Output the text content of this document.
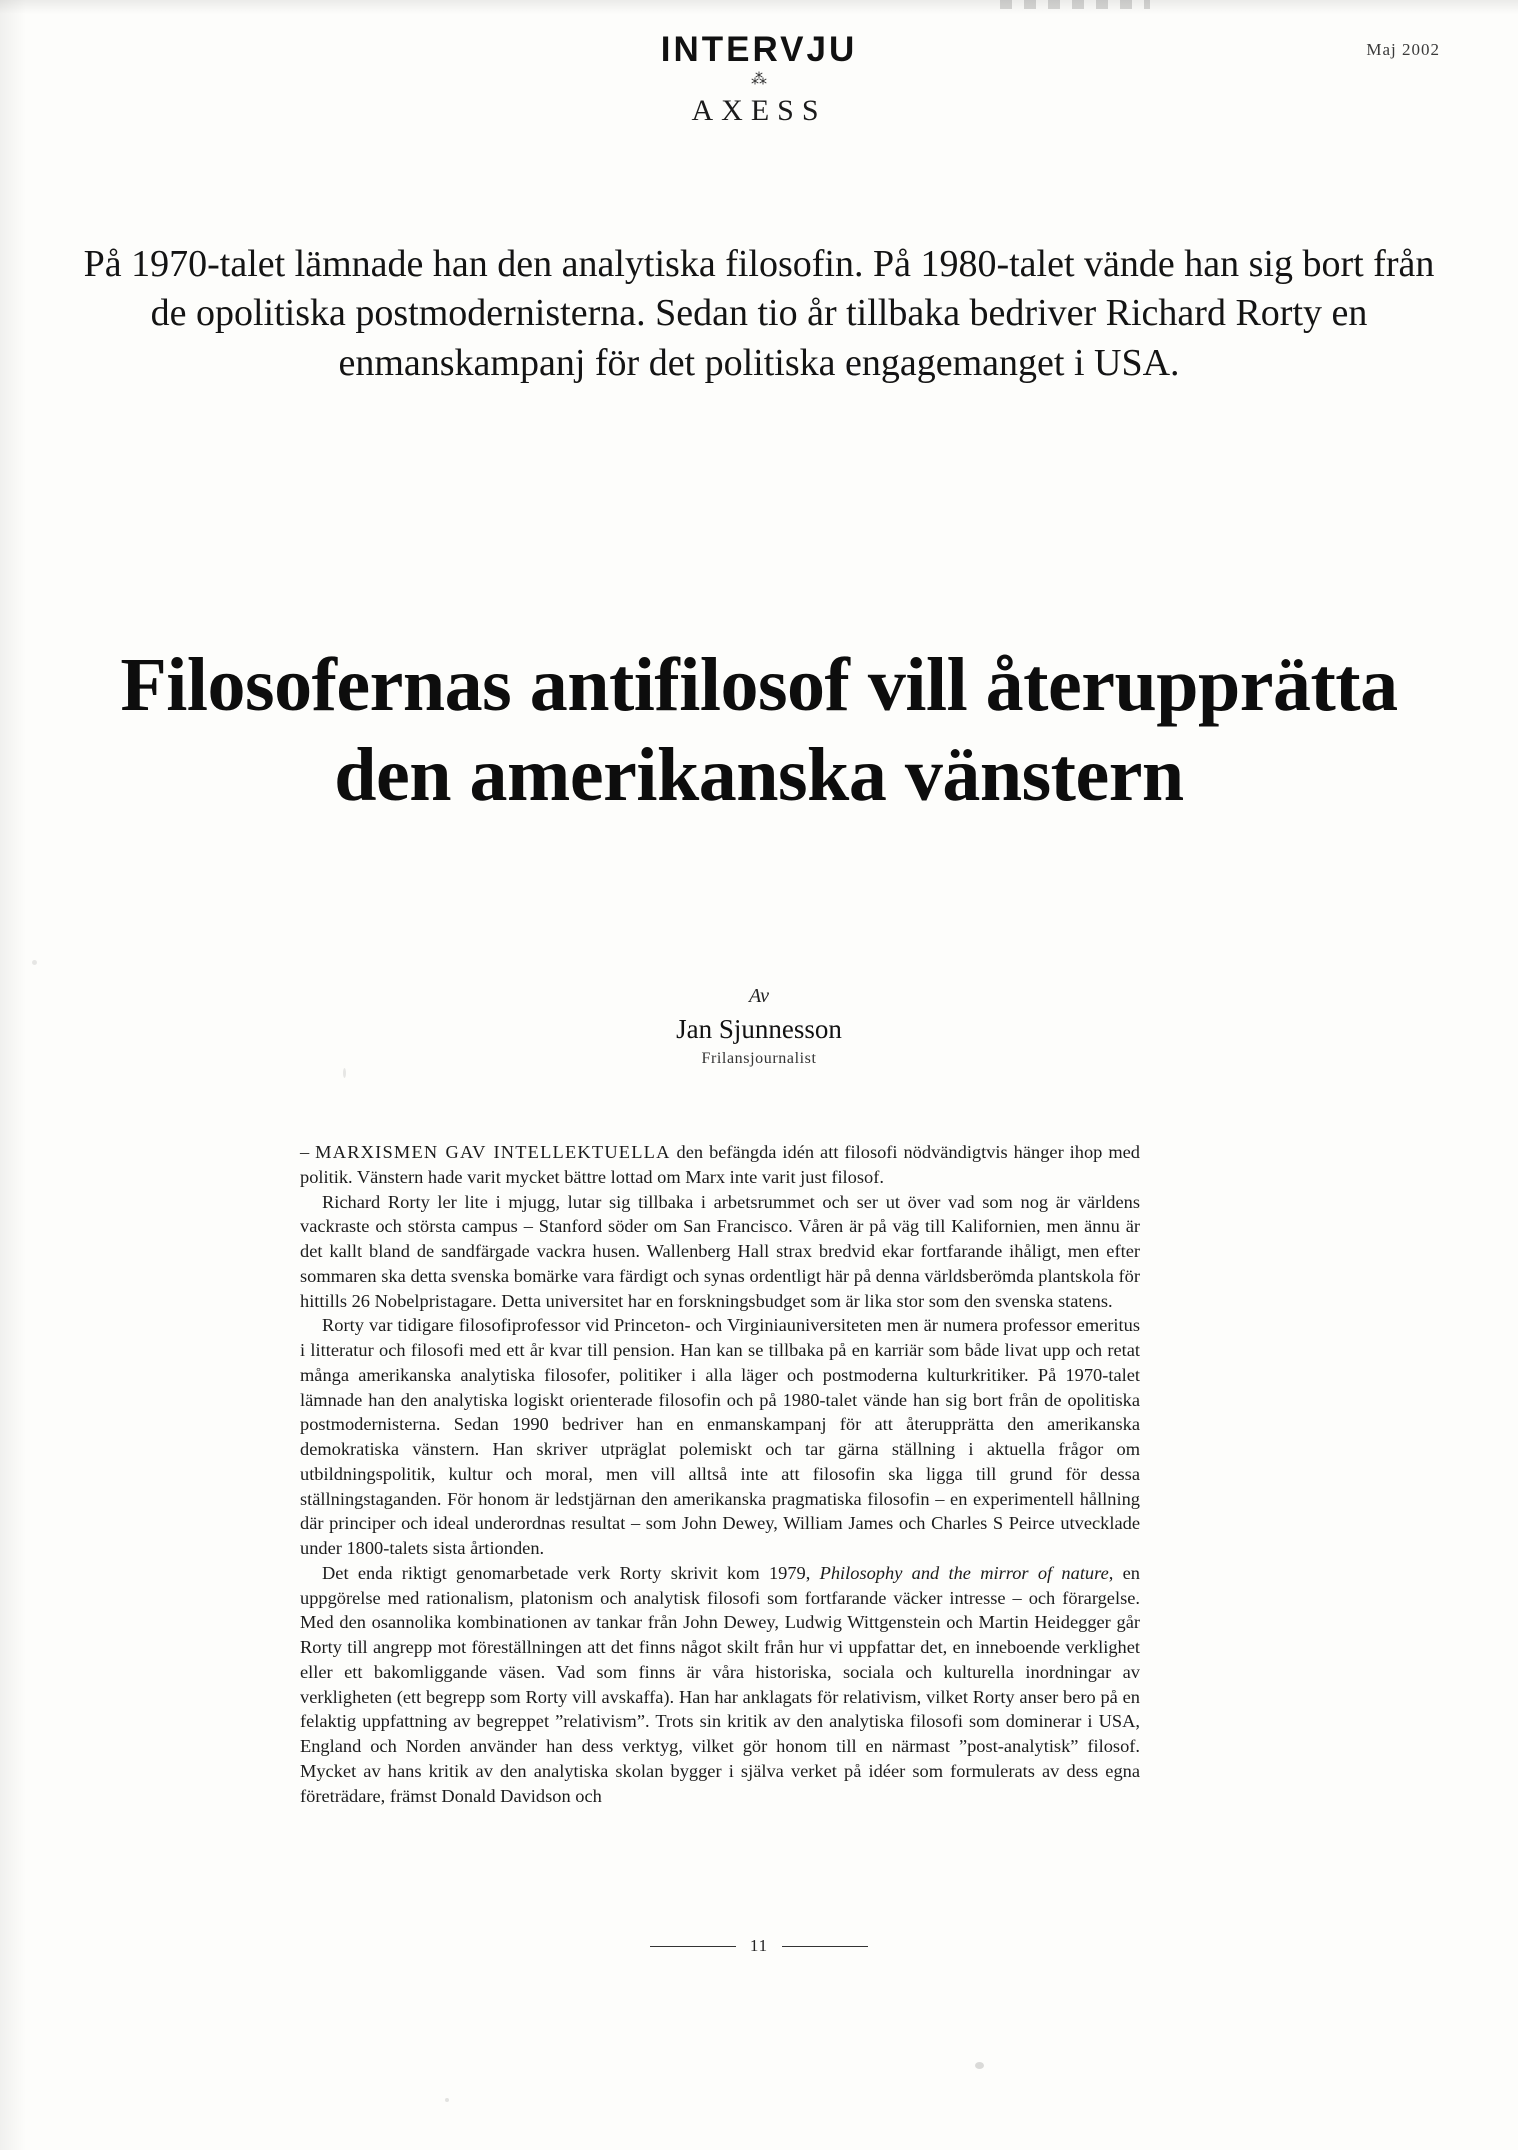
INTERVJU
⁂
AXESS
Maj 2002
På 1970-talet lämnade han den analytiska filosofin. På 1980-talet vände han sig bort från de opolitiska postmodernisterna. Sedan tio år tillbaka bedriver Richard Rorty en enmanskampanj för det politiska engagemanget i USA.
Filosofernas antifilosof vill återupprätta den amerikanska vänstern
Av
Jan Sjunnesson
Frilansjournalist

– MARXISMEN GAV INTELLEKTUELLA den befängda idén att filosofi nödvändigtvis hänger ihop med politik. Vänstern hade varit mycket bättre lottad om Marx inte varit just filosof.

Richard Rorty ler lite i mjugg, lutar sig tillbaka i arbetsrummet och ser ut över vad som nog är världens vackraste och största campus – Stanford söder om San Francisco. Våren är på väg till Kalifornien, men ännu är det kallt bland de sandfärgade vackra husen. Wallenberg Hall strax bredvid ekar fortfarande ihåligt, men efter sommaren ska detta svenska bomärke vara färdigt och synas ordentligt här på denna världsberömda plantskola för hittills 26 Nobelpristagare. Detta universitet har en forskningsbudget som är lika stor som den svenska statens.

Rorty var tidigare filosofiprofessor vid Princeton- och Virginiauniversiteten men är numera professor emeritus i litteratur och filosofi med ett år kvar till pension. Han kan se tillbaka på en karriär som både livat upp och retat många amerikanska analytiska filosofer, politiker i alla läger och postmoderna kulturkritiker. På 1970-talet lämnade han den analytiska logiskt orienterade filosofin och på 1980-talet vände han sig bort från de opolitiska postmodernisterna. Sedan 1990 bedriver han en enmanskampanj för att återupprätta den amerikanska demokratiska vänstern. Han skriver utpräglat polemiskt och tar gärna ställning i aktuella frågor om utbildningspolitik, kultur och moral, men vill alltså inte att filosofin ska ligga till grund för dessa ställningstaganden. För honom är ledstjärnan den amerikanska pragmatiska filosofin – en experimentell hållning där principer och ideal underordnas resultat – som John Dewey, William James och Charles S Peirce utvecklade under 1800-talets sista årtionden.

Det enda riktigt genomarbetade verk Rorty skrivit kom 1979, Philosophy and the mirror of nature, en uppgörelse med rationalism, platonism och analytisk filosofi som fortfarande väcker intresse – och förargelse. Med den osannolika kombinationen av tankar från John Dewey, Ludwig Wittgenstein och Martin Heidegger går Rorty till angrepp mot föreställningen att det finns något skilt från hur vi uppfattar det, en inneboende verklighet eller ett bakomliggande väsen. Vad som finns är våra historiska, sociala och kulturella inordningar av verkligheten (ett begrepp som Rorty vill avskaffa). Han har anklagats för relativism, vilket Rorty anser bero på en felaktig uppfattning av begreppet ”relativism”. Trots sin kritik av den analytiska filosofi som dominerar i USA, England och Norden använder han dess verktyg, vilket gör honom till en närmast ”post-analytisk” filosof. Mycket av hans kritik av den analytiska skolan bygger i själva verket på idéer som formulerats av dess egna företrädare, främst Donald Davidson och

11
